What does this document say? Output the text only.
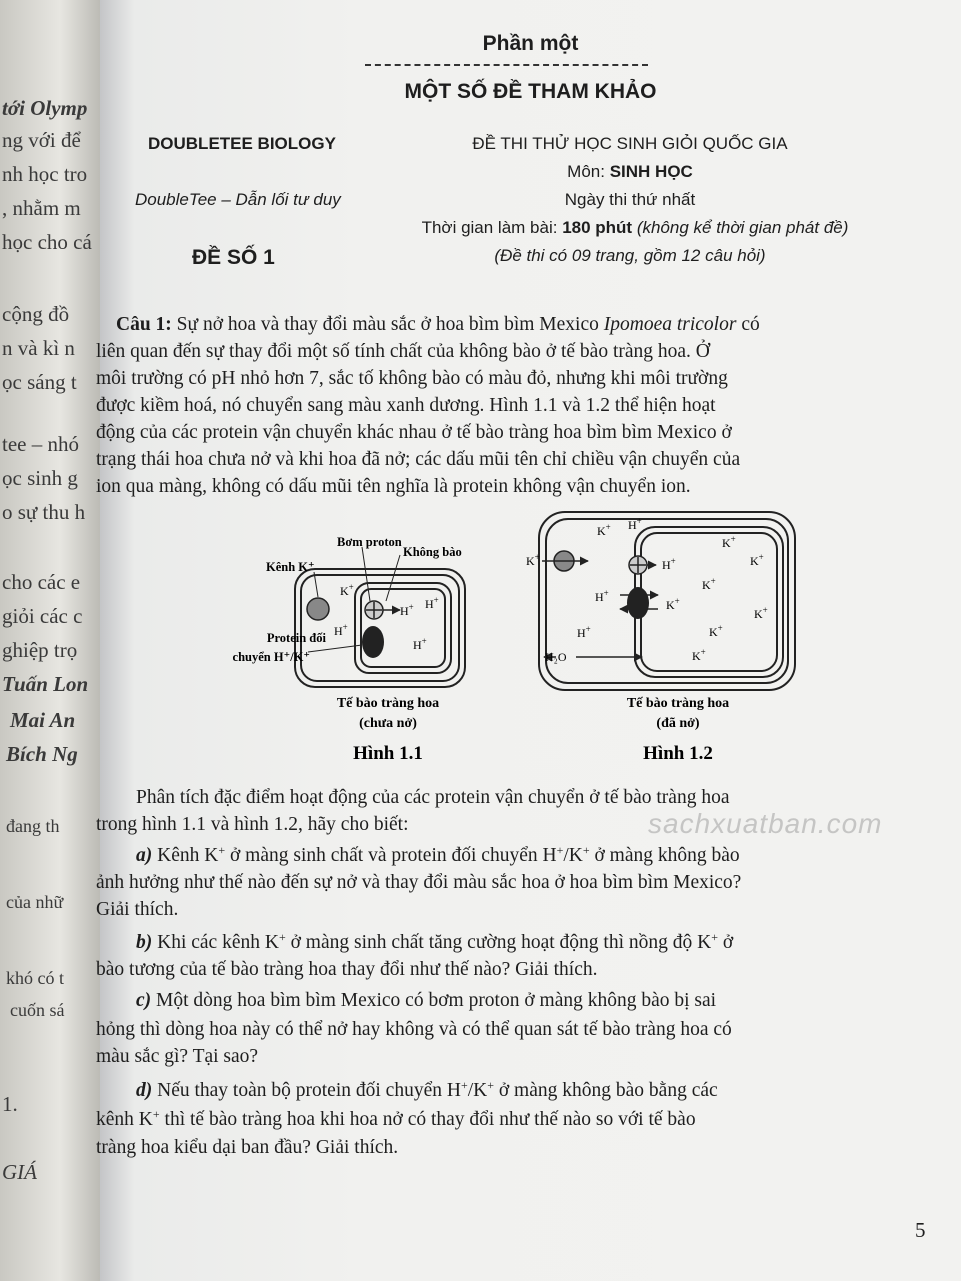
tới Olymp
ng với để
nh học tro
, nhằm m
học cho cá
cộng đồ
n và kì n
ọc sáng t
tee – nhó
ọc sinh g
o sự thu h
cho các e
giỏi các c
ghiệp trọ
Tuấn Lon
Mai An
Bích Ng
đang th
của nhữ
khó có t
cuốn sá
1.
GIÁ
Phần một
MỘT SỐ ĐỀ THAM KHẢO
DOUBLETEE BIOLOGY
DoubleTee – Dẫn lối tư duy
ĐỀ SỐ 1
ĐỀ THI THỬ HỌC SINH GIỎI QUỐC GIA
Môn: SINH HỌC
Ngày thi thứ nhất
Thời gian làm bài: 180 phút (không kể thời gian phát đề)
(Đề thi có 09 trang, gồm 12 câu hỏi)
Câu 1: Sự nở hoa và thay đổi màu sắc ở hoa bìm bìm Mexico Ipomoea tricolor có
liên quan đến sự thay đổi một số tính chất của không bào ở tế bào tràng hoa. Ở
môi trường có pH nhỏ hơn 7, sắc tố không bào có màu đỏ, nhưng khi môi trường
được kiềm hoá, nó chuyển sang màu xanh dương. Hình 1.1 và 1.2 thể hiện hoạt
động của các protein vận chuyển khác nhau ở tế bào tràng hoa bìm bìm Mexico ở
trạng thái hoa chưa nở và khi hoa đã nở; các dấu mũi tên chỉ chiều vận chuyển của
ion qua màng, không có dấu mũi tên nghĩa là protein không vận chuyển ion.
Bơm proton
Không bào
Kênh K⁺
Protein đối
chuyển H⁺/K⁺
K+
H+ H+
H+
H+
Tế bào tràng hoa
(chưa nở)
Hình 1.1
K+
K+ H+
H+
H+
K+
H+
K+
K+
K+
K+
K+
K+
H₂O
Tế bào tràng hoa
(đã nở)
Hình 1.2
Phân tích đặc điểm hoạt động của các protein vận chuyển ở tế bào tràng hoa
trong hình 1.1 và hình 1.2, hãy cho biết:
a) Kênh K+ ở màng sinh chất và protein đối chuyển H+/K+ ở màng không bào
ảnh hưởng như thế nào đến sự nở và thay đổi màu sắc hoa ở hoa bìm bìm Mexico?
Giải thích.
b) Khi các kênh K+ ở màng sinh chất tăng cường hoạt động thì nồng độ K+ ở
bào tương của tế bào tràng hoa thay đổi như thế nào? Giải thích.
c) Một dòng hoa bìm bìm Mexico có bơm proton ở màng không bào bị sai
hỏng thì dòng hoa này có thể nở hay không và có thể quan sát tế bào tràng hoa có
màu sắc gì? Tại sao?
d) Nếu thay toàn bộ protein đối chuyển H+/K+ ở màng không bào bằng các
kênh K+ thì tế bào tràng hoa khi hoa nở có thay đổi như thế nào so với tế bào
tràng hoa kiểu dại ban đầu? Giải thích.
sachxuatban.com
5
